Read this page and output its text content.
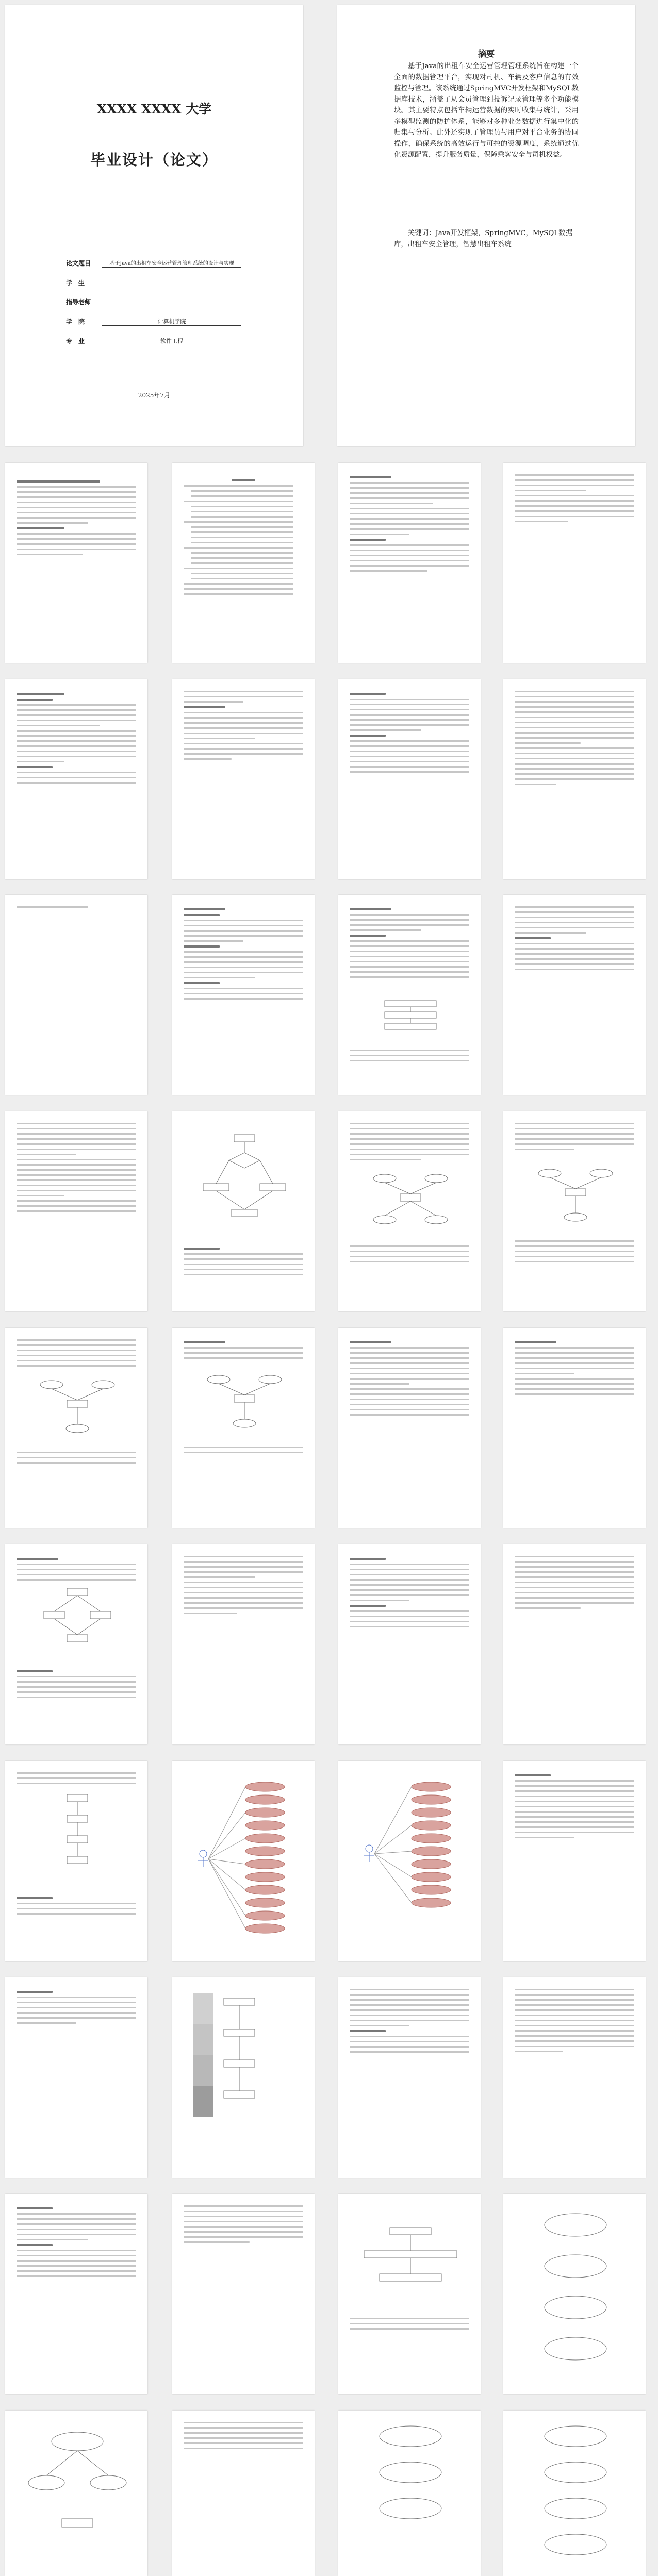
XXXX XXXX 大学
毕业设计（论文）
论文题目	基于Java的出租车安全运营管理管理系统的设计与实现
学　生
指导老师
学　院	计算机学院
专　业	软件工程
2025年7月
摘要
基于Java的出租车安全运营管理管理系统旨在构建一个全面的数据管理平台，实现对司机、车辆及客户信息的有效监控与管理。该系统通过SpringMVC开发框架和MySQL数据库技术，涵盖了从会员管理到投诉记录管理等多个功能模块。其主要特点包括车辆运营数据的实时收集与统计，采用多模型监测的防护体系，能够对多种业务数据进行集中化的归集与分析。此外还实现了管理员与用户对平台业务的协同操作，确保系统的高效运行与可控的资源调度，系统通过优化资源配置，提升服务质量，保障乘客安全与司机权益。
关键词：Java开发框架，SpringMVC，MySQL数据库，出租车安全管理，智慧出租车系统
